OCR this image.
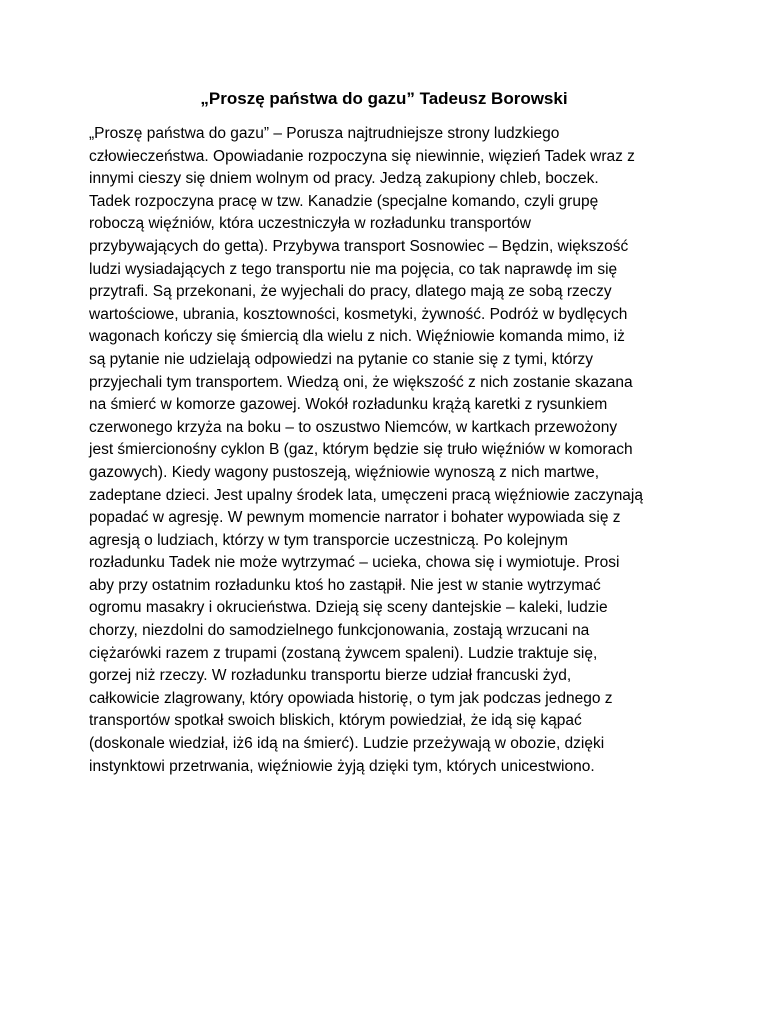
„Proszę państwa do gazu” Tadeusz Borowski
„Proszę państwa do gazu” – Porusza najtrudniejsze strony ludzkiego
człowieczeństwa. Opowiadanie rozpoczyna się niewinnie, więzień Tadek wraz z
innymi cieszy się dniem wolnym od pracy. Jedzą zakupiony chleb, boczek.
Tadek rozpoczyna pracę w tzw. Kanadzie (specjalne komando, czyli grupę
roboczą więźniów, która uczestniczyła w rozładunku transportów
przybywających do getta). Przybywa transport Sosnowiec – Będzin, większość
ludzi wysiadających z tego transportu nie ma pojęcia, co tak naprawdę im się
przytrafi. Są przekonani, że wyjechali do pracy, dlatego mają ze sobą rzeczy
wartościowe, ubrania, kosztowności, kosmetyki, żywność. Podróż w bydlęcych
wagonach kończy się śmiercią dla wielu z nich. Więźniowie komanda mimo, iż
są pytanie nie udzielają odpowiedzi na pytanie co stanie się z tymi, którzy
przyjechali tym transportem. Wiedzą oni, że większość z nich zostanie skazana
na śmierć w komorze gazowej. Wokół rozładunku krążą karetki z rysunkiem
czerwonego krzyża na boku – to oszustwo Niemców, w kartkach przewożony
jest śmiercionośny cyklon B (gaz, którym będzie się truło więźniów w komorach
gazowych). Kiedy wagony pustoszeją, więźniowie wynoszą z nich martwe,
zadeptane dzieci. Jest upalny środek lata, umęczeni pracą więźniowie zaczynają
popadać w agresję. W pewnym momencie narrator i bohater wypowiada się z
agresją o ludziach, którzy w tym transporcie uczestniczą. Po kolejnym
rozładunku Tadek nie może wytrzymać – ucieka, chowa się i wymiotuje. Prosi
aby przy ostatnim rozładunku ktoś ho zastąpił. Nie jest w stanie wytrzymać
ogromu masakry i okrucieństwa. Dzieją się sceny dantejskie – kaleki, ludzie
chorzy, niezdolni do samodzielnego funkcjonowania, zostają wrzucani na
ciężarówki razem z trupami (zostaną żywcem spaleni). Ludzie traktuje się,
gorzej niż rzeczy. W rozładunku transportu bierze udział francuski żyd,
całkowicie zlagrowany, który opowiada historię, o tym jak podczas jednego z
transportów spotkał swoich bliskich, którym powiedział, że idą się kąpać
(doskonale wiedział, iż6 idą na śmierć). Ludzie przeżywają w obozie, dzięki
instynktowi przetrwania, więźniowie żyją dzięki tym, których unicestwiono.
